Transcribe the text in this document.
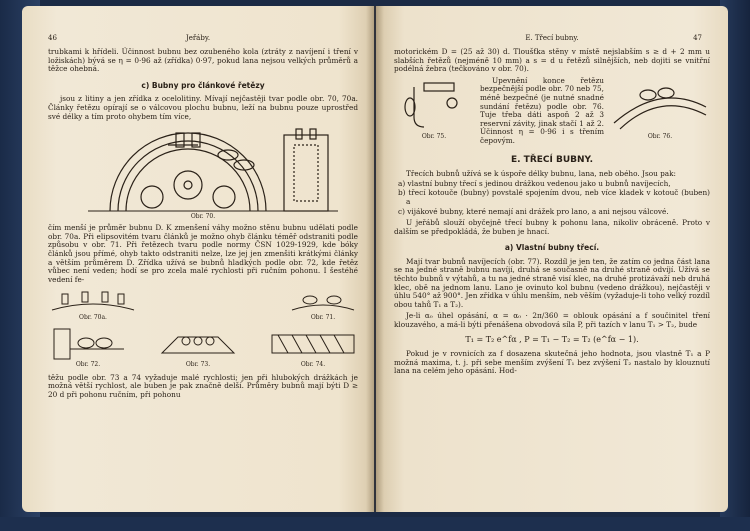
46	Jeřáby.

trubkami k hřídeli. Účinnost bubnu bez ozubeného kola (ztráty z navíjení i tření v ložiskách) bývá se η = 0·96 až (zřídka) 0·97, pokud lana nejsou velkých průměrů a těžce ohebná.

c) Bubny pro článkové řetězy

jsou z litiny a jen zřídka z ocelolitiny. Mívají nejčastěji tvar podle obr. 70, 70a. Články řetězu opírají se o válcovou plochu bubnu, leží na bubnu pouze uprostřed své délky a tím proto ohybem tím více,

Obr. 70.

čím menší je průměr bubnu D. K zmenšení váhy možno stěnu bubnu udělati podle obr. 70a. Při elipsovitém tvaru článků je možno ohyb článku téměř odstraniti podle způsobu v obr. 71. Při řetězech tvaru podle normy ČSN 1029-1929, kde bóky článků jsou přímé, ohyb takto odstraniti nelze, lze jej jen zmenšiti krátkými články a větším průměrem D. Zřídka užívá se bubnů hladkých podle obr. 72, kde řetěz vůbec není veden; hodí se pro zcela malé rychlosti při ručním pohonu. I šestéhé vedení fe-

Obr. 70a.	Obr. 71.
Obr. 72.	Obr. 73.	Obr. 74.

těžu podle obr. 73 a 74 vyžaduje malé rychlosti; jen při hlubokých drážkách je možná větší rychlost, ale buben je pak značně delší. Průměry bubnů mají býti D ≥ 20 d při pohonu ručním, při pohonu

E. Třecí bubny.	47

motorickém D = (25 až 30) d. Tloušťka stěny v místě nejslabším s ≥ d + 2 mm u slabších řetězů (nejméně 10 mm) a s = d u řetězů silnějších, neb dojiti se vnitřní podélná žebra (tečkováno v obr. 70).

Obr. 75.

Upevnění konce řetězu bezpečnější podle obr. 70 neb 75, méně bezpečné (je nutné snadné sundání řetězu) podle obr. 76. Tuje třeba dáti aspoň 2 až 3 reservní závity, jinak stačí 1 až 2. Účinnost η = 0·96 i s třením čepovým.	Obr. 76.
E. TŘECÍ BUBNY.

Třecích bubnů užívá se k úspoře délky bubnu, lana, neb obého. Jsou pak:

a) vlastní bubny třecí s jedinou drážkou vedenou jako u bubnů navíjecích,

b) třecí kotouče (bubny) povstalé spojením dvou, neb více kladek v kotouč (buben) a

c) vijákové bubny, které nemají ani drážek pro lano, a ani nejsou válcové.

U jeřábů slouží obyčejně třecí bubny k pohonu lana, nikoliv obráceně. Proto v dalším se předpokládá, že buben je hnací.

a) Vlastní bubny třecí.

Mají tvar bubnů navíjecích (obr. 77). Rozdíl je jen ten, že zatím co jedna část lana se na jedné straně bubnu navíjí, druhá se současně na druhé straně odvíjí. Užívá se těchto bubnů v výtahů, a tu na jedné straně visí klec, na druhé protizávaží neb druhá klec, obě na jednom lanu. Lano je ovinuto kol bubnu (vedeno drážkou), nejčastěji v úhlu 540° až 900°. Jen zřídka v úhlu menším, neb věším (vyžaduje-li toho velký rozdíl obou tahů T₁ a T₂).

Je-li α₀ úhel opásání, α = α₀ · 2π/360 = oblouk opásání a f součinitel tření klouzavého, a má-li býti přenášena obvodová síla P, při tazích v lanu T₁ > T₂, bude

T₁ = T₂ e^fα , P = T₁ − T₂ = T₂ (e^fα − 1).

Pokud je v rovnicích za f dosazena skutečná jeho hodnota, jsou vlastně T₁ a P možná maxima, t. j. při sebe menším zvýšení T₁ bez zvýšení T₂ nastalo by klouznutí lana na celém jeho opásání. Hod-
